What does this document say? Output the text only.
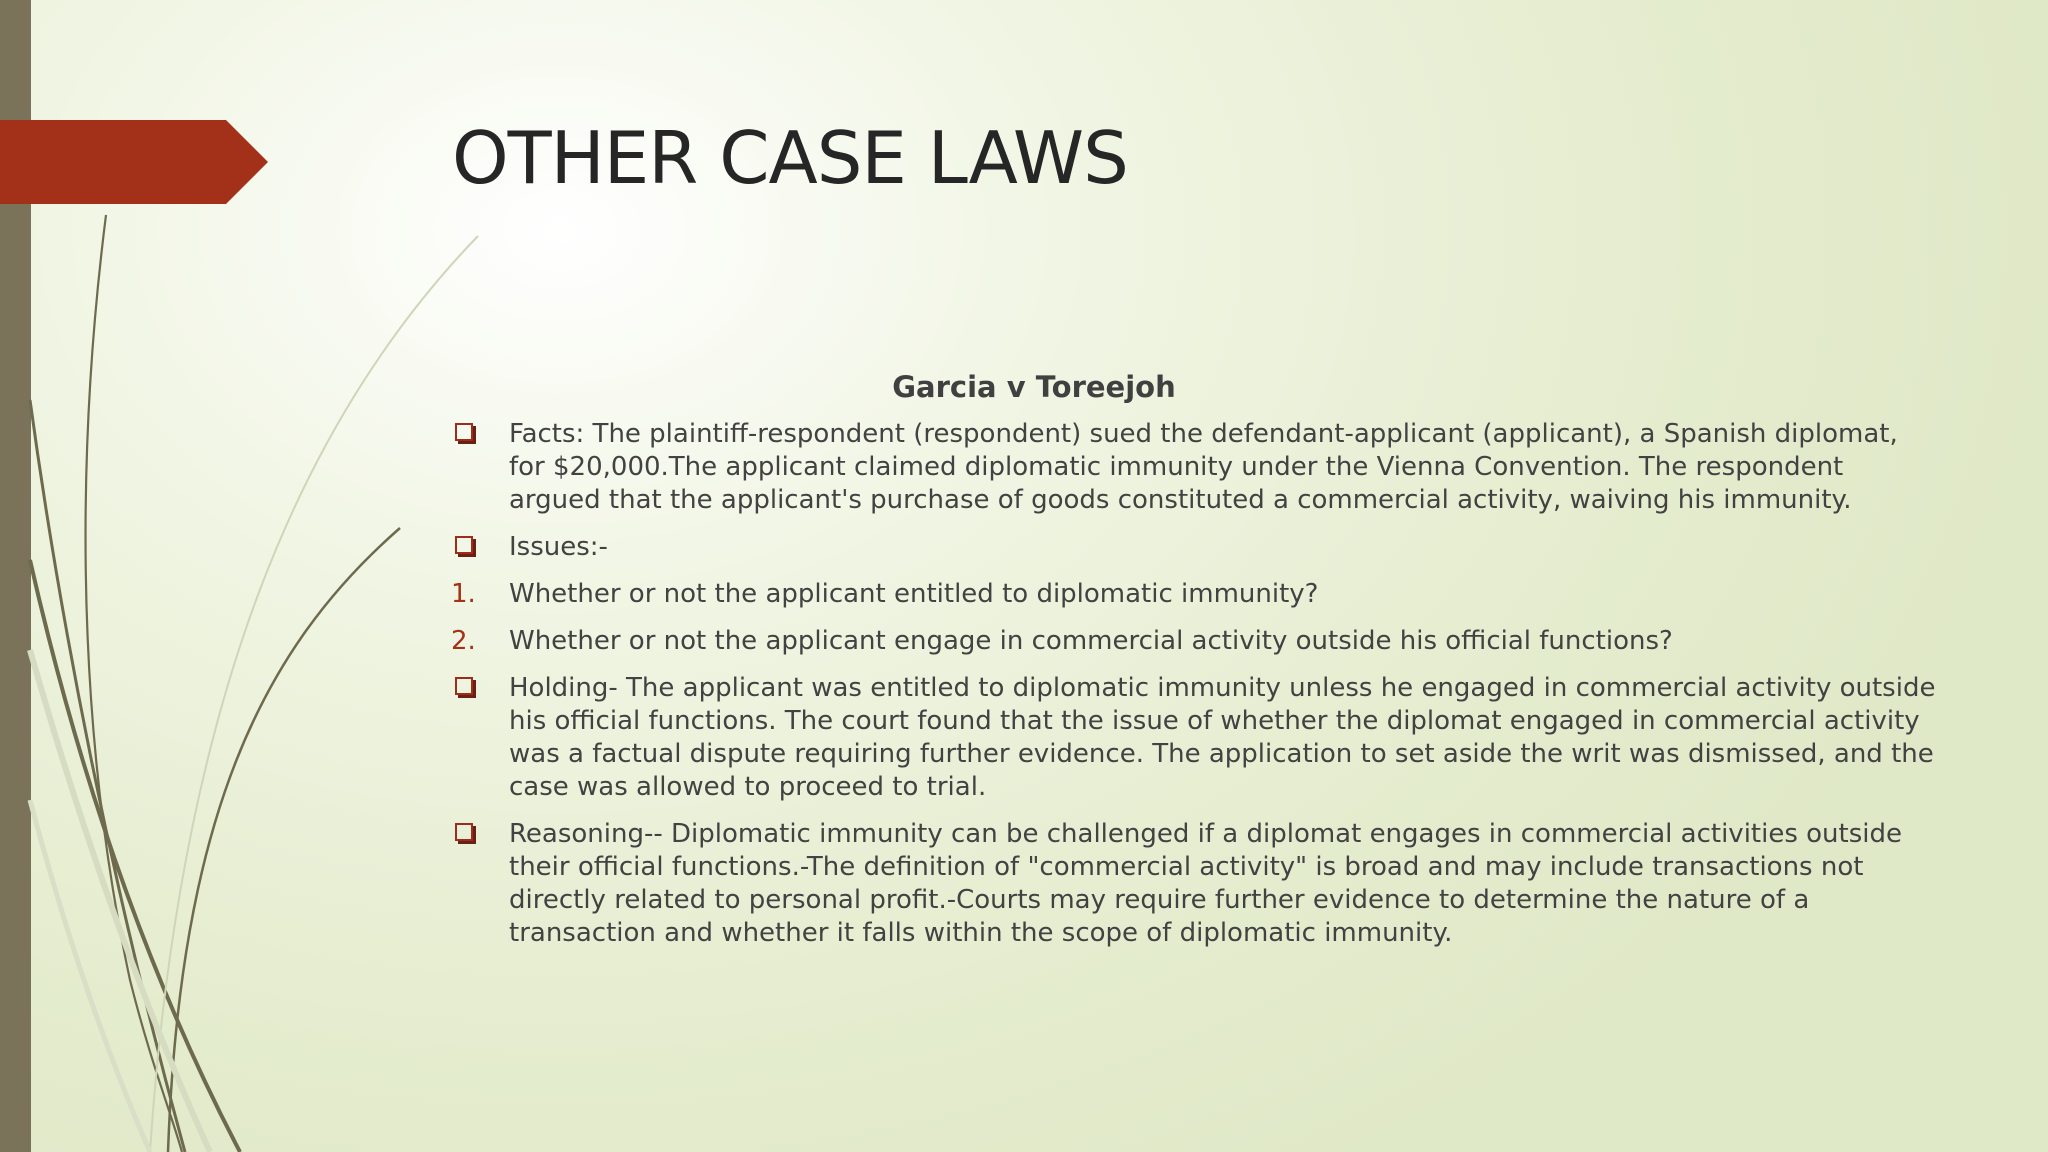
OTHER CASE LAWS
Garcia v Toreejoh
Facts: The plaintiff-respondent (respondent) sued the defendant-applicant (applicant), a Spanish diplomat, for $20,000.The applicant claimed diplomatic immunity under the Vienna Convention. The respondent argued that the applicant's purchase of goods constituted a commercial activity, waiving his immunity.
Issues:-
1. Whether or not the applicant entitled to diplomatic immunity?
2. Whether or not the applicant engage in commercial activity outside his official functions?
Holding- The applicant was entitled to diplomatic immunity unless he engaged in commercial activity outside his official functions. The court found that the issue of whether the diplomat engaged in commercial activity was a factual dispute requiring further evidence. The application to set aside the writ was dismissed, and the case was allowed to proceed to trial.
Reasoning-- Diplomatic immunity can be challenged if a diplomat engages in commercial activities outside their official functions.-The definition of "commercial activity" is broad and may include transactions not directly related to personal profit.-Courts may require further evidence to determine the nature of a transaction and whether it falls within the scope of diplomatic immunity.
